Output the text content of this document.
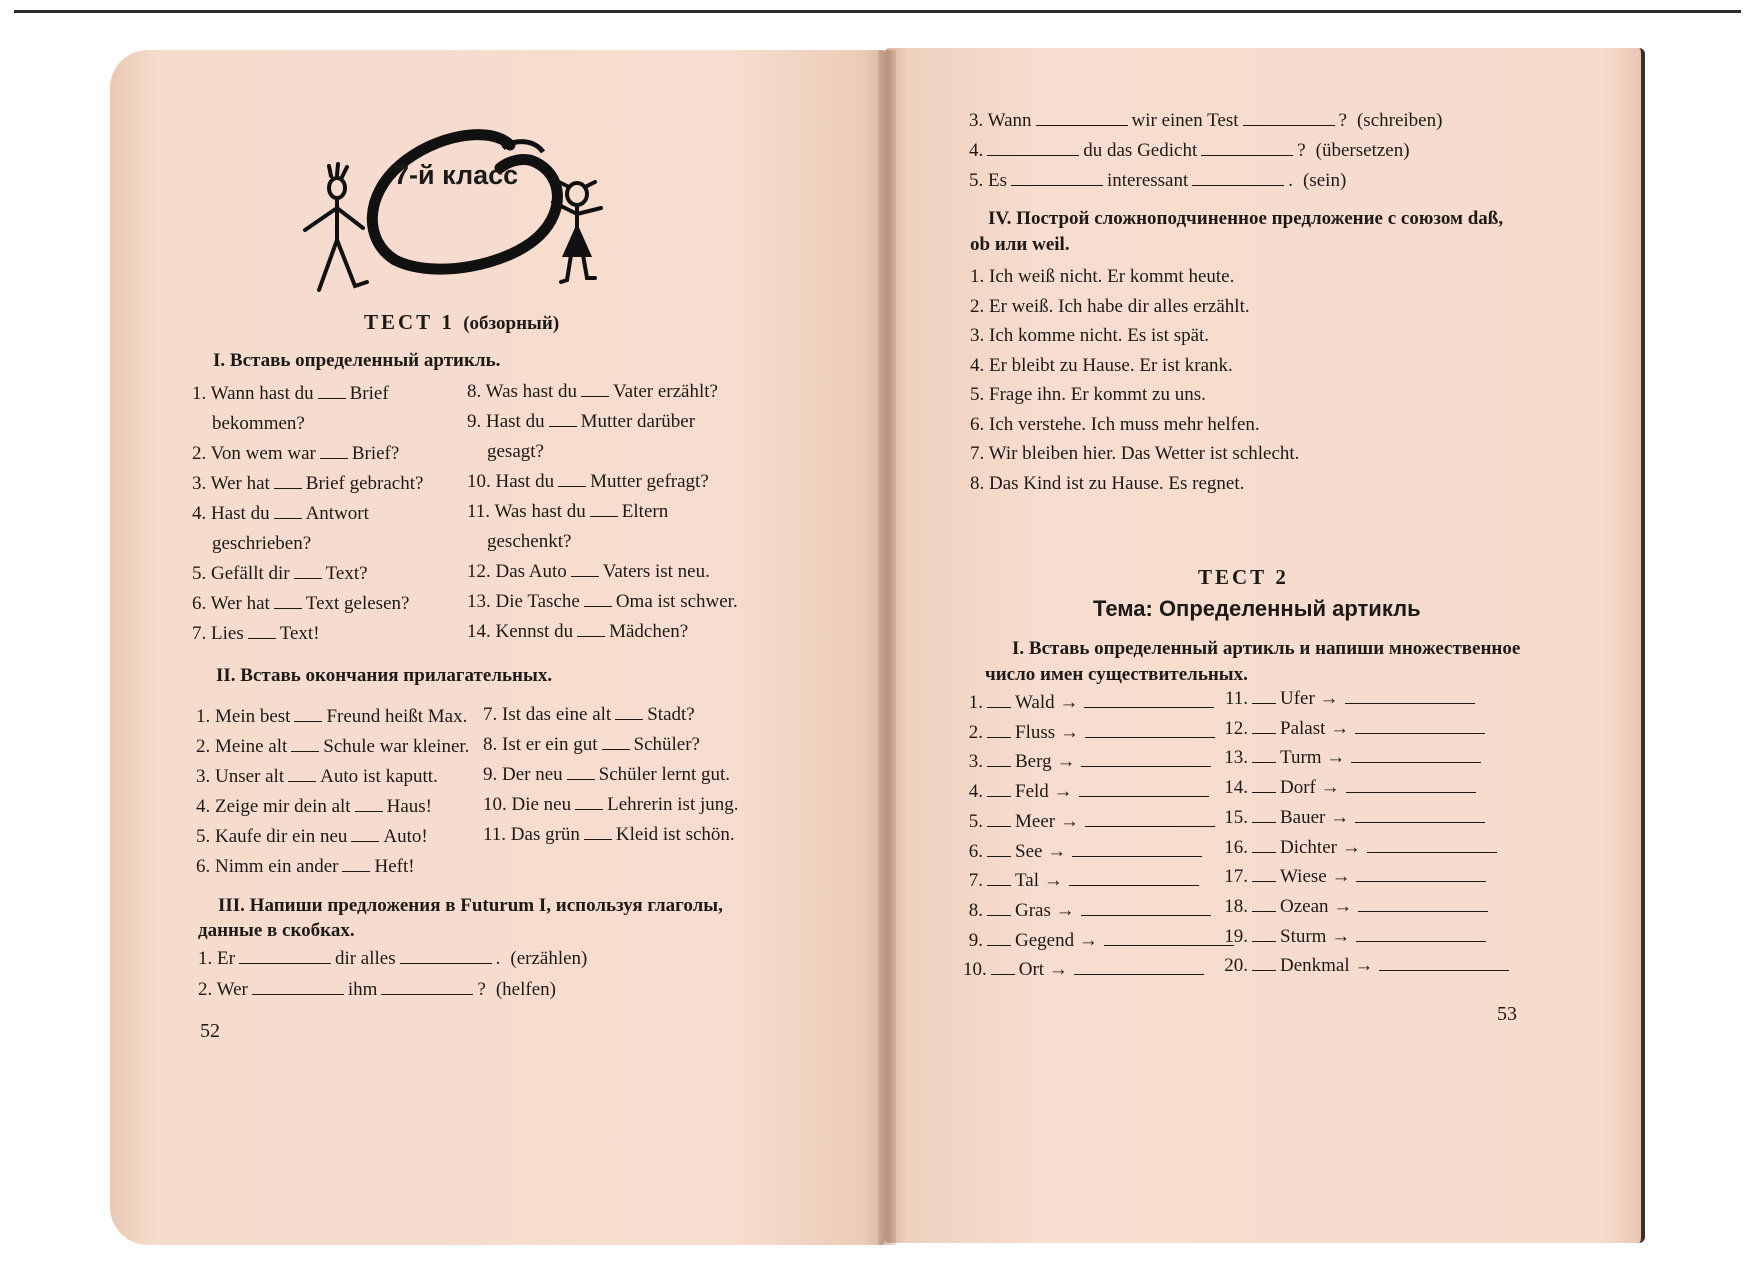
7-й класс
ТЕСТ 1 (обзорный)
I. Вставь определенный артикль.
1. Wann hast du Brief
bekommen?
2. Von wem war Brief?
3. Wer hat Brief gebracht?
4. Hast du Antwort
geschrieben?
5. Gefällt dir Text?
6. Wer hat Text gelesen?
7. Lies Text!
8. Was hast du Vater erzählt?
9. Hast du Mutter darüber
gesagt?
10. Hast du Mutter gefragt?
11. Was hast du Eltern
geschenkt?
12. Das Auto Vaters ist neu.
13. Die Tasche Oma ist schwer.
14. Kennst du Mädchen?
II. Вставь окончания прилагательных.
1. Mein best Freund heißt Max.
2. Meine alt Schule war kleiner.
3. Unser alt Auto ist kaputt.
4. Zeige mir dein alt Haus!
5. Kaufe dir ein neu Auto!
6. Nimm ein ander Heft!
7. Ist das eine alt Stadt?
8. Ist er ein gut Schüler?
9. Der neu Schüler lernt gut.
10. Die neu Lehrerin ist jung.
11. Das grün Kleid ist schön.
III. Напиши предложения в Futurum I, используя глаголы,
данные в скобках.
1. Er	dir alles	. (erzählen)
2. Wer	ihm	? (helfen)
52
3. Wann	wir einen Test	? (schreiben)
4.	du das Gedicht	? (übersetzen)
5. Es	interessant	. (sein)
IV. Построй сложноподчиненное предложение с союзом daß,
ob или weil.
1. Ich weiß nicht. Er kommt heute.
2. Er weiß. Ich habe dir alles erzählt.
3. Ich komme nicht. Es ist spät.
4. Er bleibt zu Hause. Er ist krank.
5. Frage ihn. Er kommt zu uns.
6. Ich verstehe. Ich muss mehr helfen.
7. Wir bleiben hier. Das Wetter ist schlecht.
8. Das Kind ist zu Hause. Es regnet.
ТЕСТ 2
Тема: Определенный артикль
I. Вставь определенный артикль и напиши множественное
число имен существительных.
1. Wald →
2. Fluss →
3. Berg →
4. Feld →
5. Meer →
6. See →
7. Tal →
8. Gras →
9. Gegend →
10. Ort →
11. Ufer →
12. Palast →
13. Turm →
14. Dorf →
15. Bauer →
16. Dichter →
17. Wiese →
18. Ozean →
19. Sturm →
20. Denkmal →
53
